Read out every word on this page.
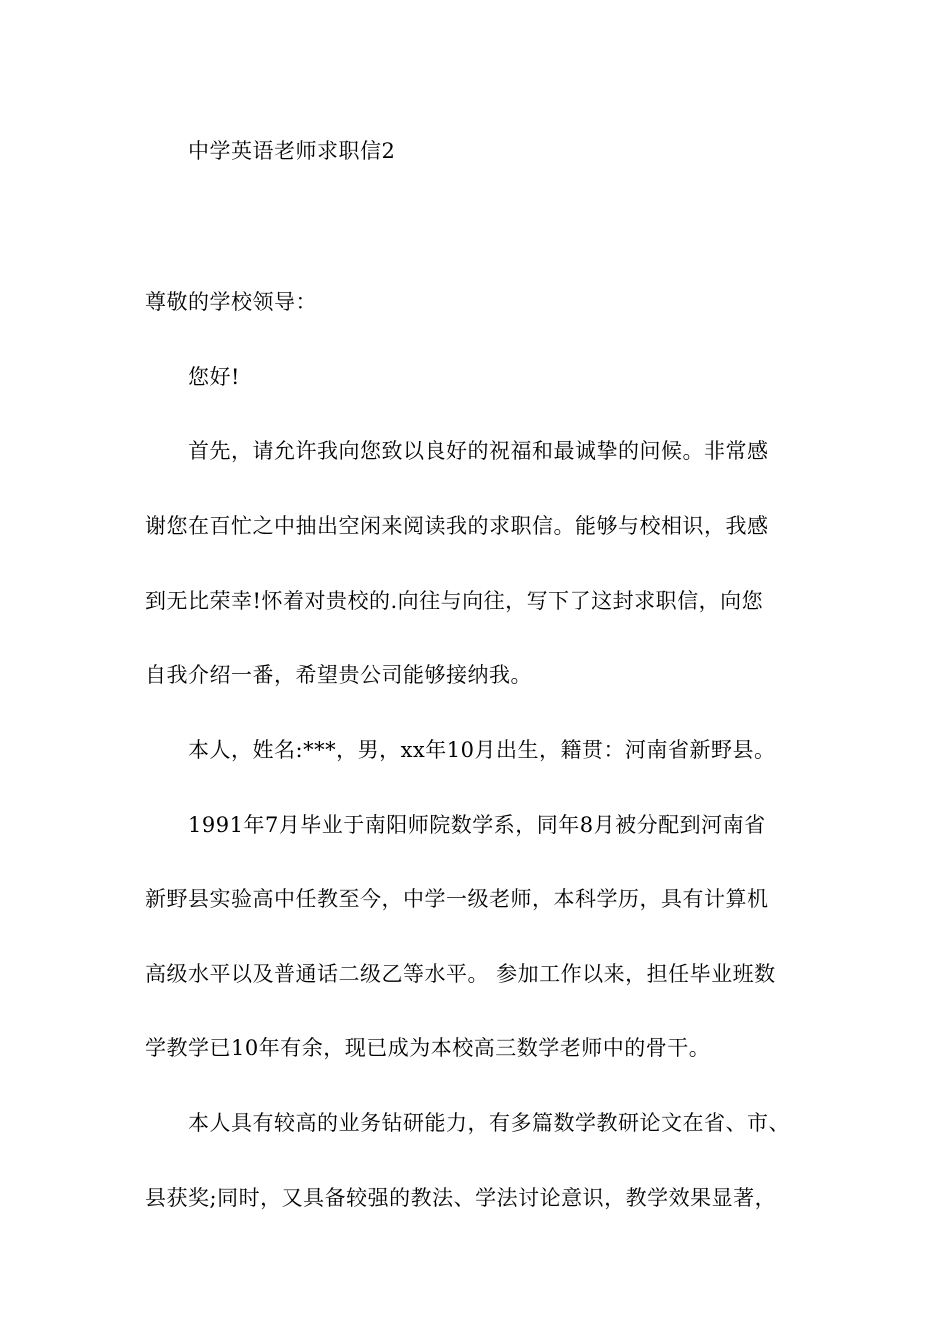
中学英语老师求职信2
尊敬的学校领导：
您好!
首先，请允许我向您致以良好的祝福和最诚挚的问候。非常感
谢您在百忙之中抽出空闲来阅读我的求职信。能够与校相识，我感
到无比荣幸!怀着对贵校的.向往与向往，写下了这封求职信，向您
自我介绍一番，希望贵公司能够接纳我。
本人，姓名:***，男，xx年10月出生，籍贯：河南省新野县。
1991年7月毕业于南阳师院数学系，同年8月被分配到河南省
新野县实验高中任教至今，中学一级老师，本科学历，具有计算机
高级水平以及普通话二级乙等水平。 参加工作以来，担任毕业班数
学教学已10年有余，现已成为本校高三数学老师中的骨干。
本人具有较高的业务钻研能力，有多篇数学教研论文在省、市、
县获奖;同时，又具备较强的教法、学法讨论意识，教学效果显著，
